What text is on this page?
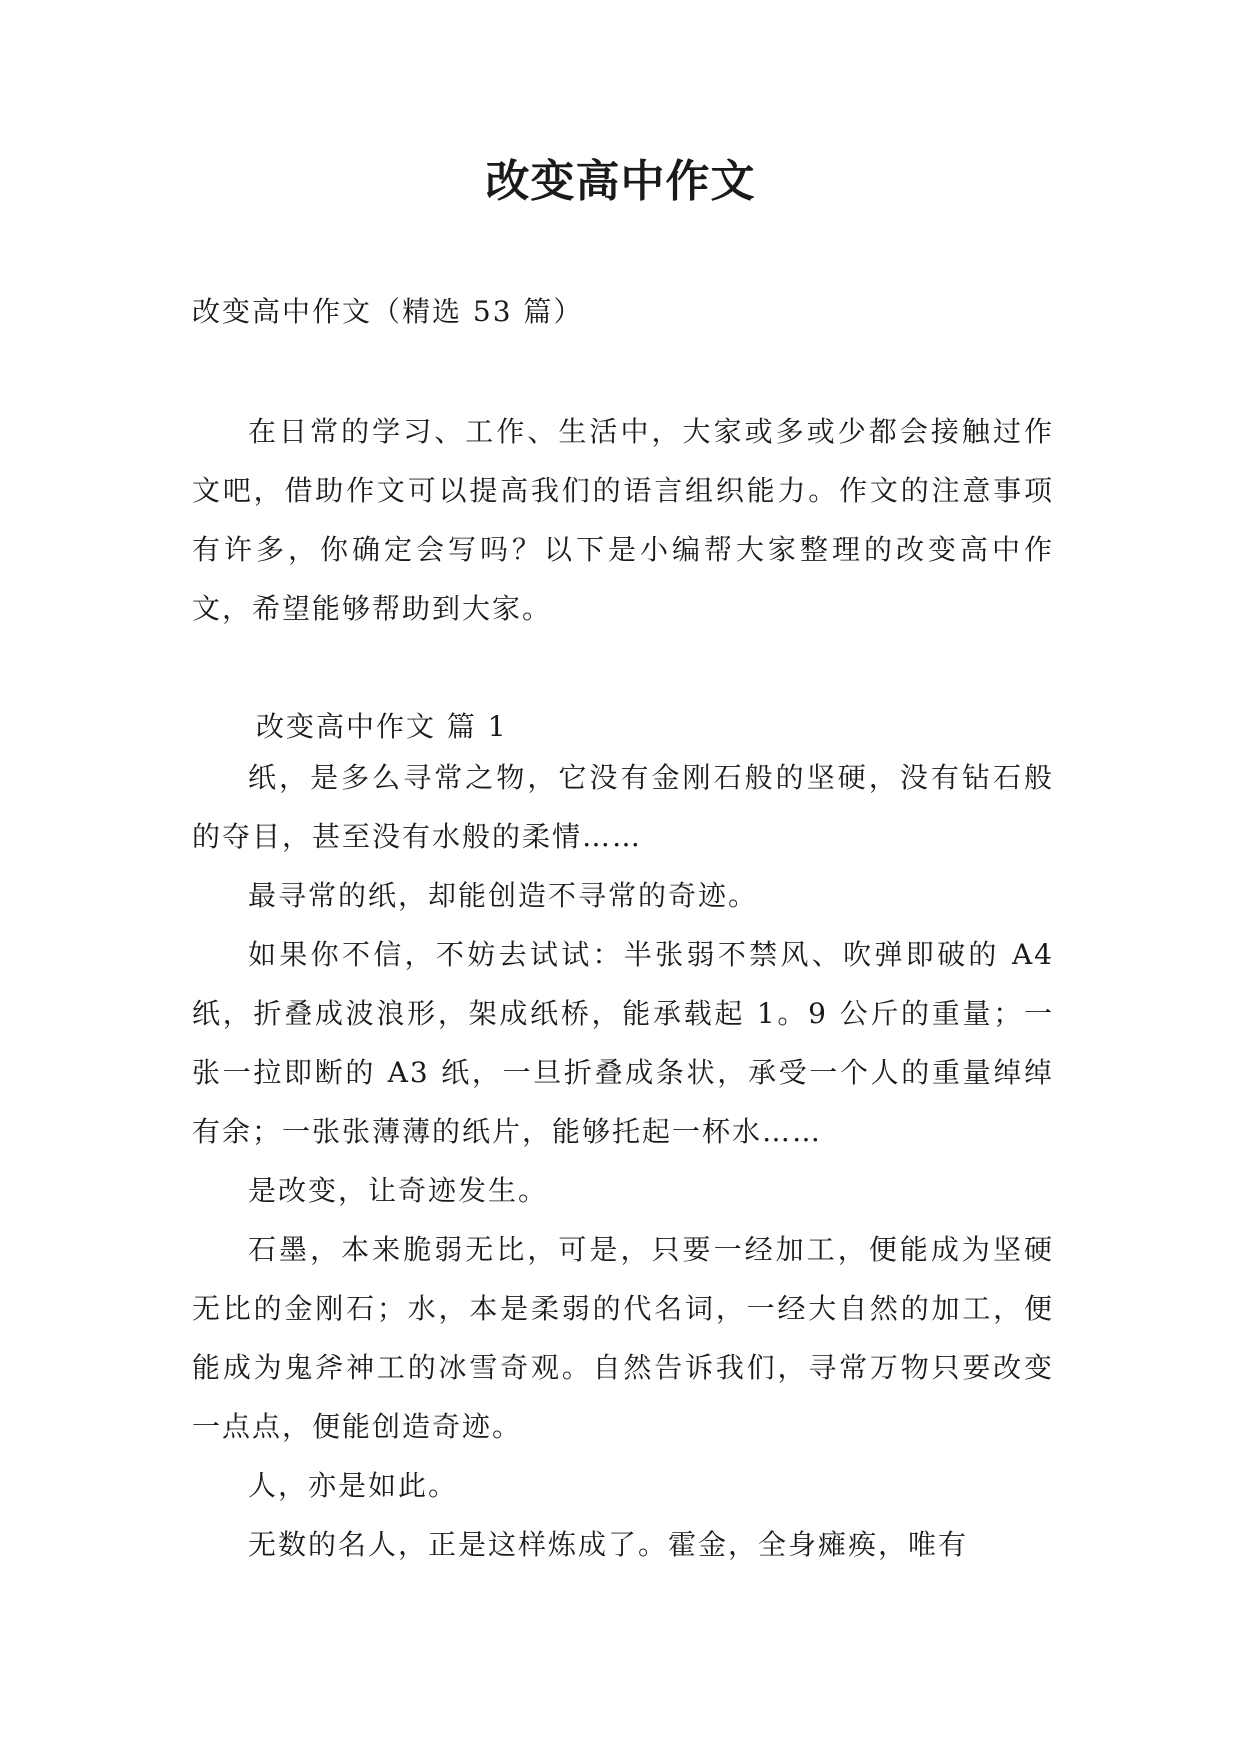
改变高中作文

改变高中作文（精选 53 篇）

在日常的学习、工作、生活中，大家或多或少都会接触过作文吧，借助作文可以提高我们的语言组织能力。作文的注意事项有许多，你确定会写吗？以下是小编帮大家整理的改变高中作文，希望能够帮助到大家。

改变高中作文 篇 1

纸，是多么寻常之物，它没有金刚石般的坚硬，没有钻石般的夺目，甚至没有水般的柔情……

最寻常的纸，却能创造不寻常的奇迹。

如果你不信，不妨去试试：半张弱不禁风、吹弹即破的 A4 纸，折叠成波浪形，架成纸桥，能承载起 1。9 公斤的重量；一张一拉即断的 A3 纸，一旦折叠成条状，承受一个人的重量绰绰有余；一张张薄薄的纸片，能够托起一杯水……

是改变，让奇迹发生。

石墨，本来脆弱无比，可是，只要一经加工，便能成为坚硬无比的金刚石；水，本是柔弱的代名词，一经大自然的加工，便能成为鬼斧神工的冰雪奇观。自然告诉我们，寻常万物只要改变一点点，便能创造奇迹。

人，亦是如此。

无数的名人，正是这样炼成了。霍金，全身瘫痪，唯有
